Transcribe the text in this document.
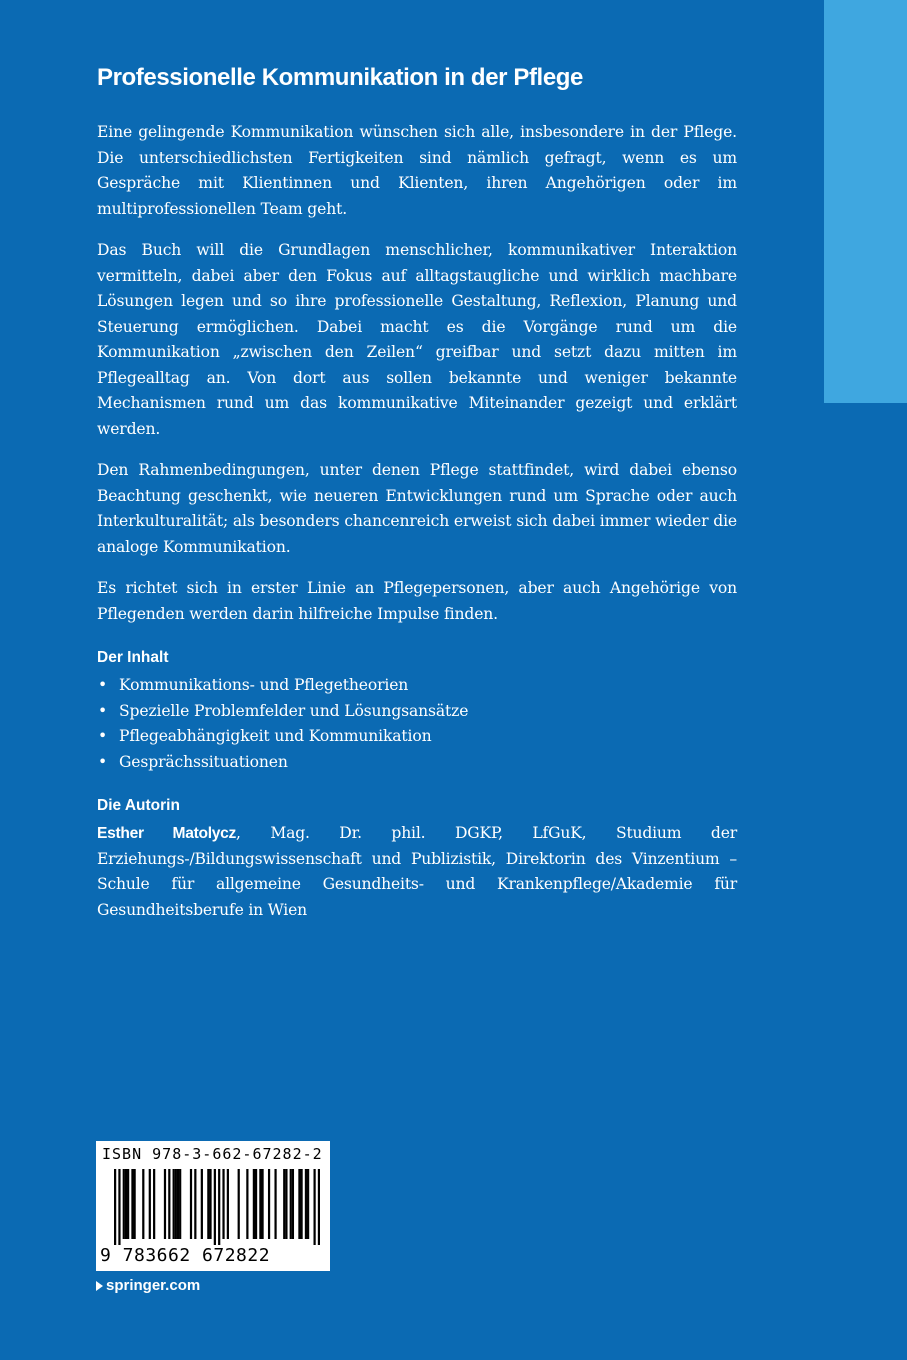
Professionelle Kommunikation in der Pflege

Eine gelingende Kommunikation wünschen sich alle, insbesondere in der Pflege. Die unterschiedlichsten Fertigkeiten sind nämlich gefragt, wenn es um Gespräche mit Klientinnen und Klienten, ihren Angehörigen oder im multiprofessionellen Team geht.

Das Buch will die Grundlagen menschlicher, kommunikativer Interaktion vermitteln, dabei aber den Fokus auf alltagstaugliche und wirklich machbare Lösungen legen und so ihre professionelle Gestaltung, Reflexion, Planung und Steuerung ermöglichen. Dabei macht es die Vorgänge rund um die Kommunikation „zwischen den Zeilen“ greifbar und setzt dazu mitten im Pflegealltag an. Von dort aus sollen bekannte und weniger bekannte Mechanismen rund um das kommunikative Miteinander gezeigt und erklärt werden.

Den Rahmenbedingungen, unter denen Pflege stattfindet, wird dabei ebenso Beachtung geschenkt, wie neueren Entwicklungen rund um Sprache oder auch Interkulturalität; als besonders chancenreich erweist sich dabei immer wieder die analoge Kommunikation.

Es richtet sich in erster Linie an Pflegepersonen, aber auch Angehörige von Pflegenden werden darin hilfreiche Impulse finden.

Der Inhalt
• Kommunikations- und Pflegetheorien
• Spezielle Problemfelder und Lösungsansätze
• Pflegeabhängigkeit und Kommunikation
• Gesprächssituationen
Die Autorin

Esther Matolycz, Mag. Dr. phil. DGKP, LfGuK, Studium der Erziehungs-/Bildungswissenschaft und Publizistik, Direktorin des Vinzentium – Schule für allgemeine Gesundheits- und Krankenpflege/Akademie für Gesundheitsberufe in Wien

ISBN 978-3-662-67282-2
9 783662 672822
springer.com
